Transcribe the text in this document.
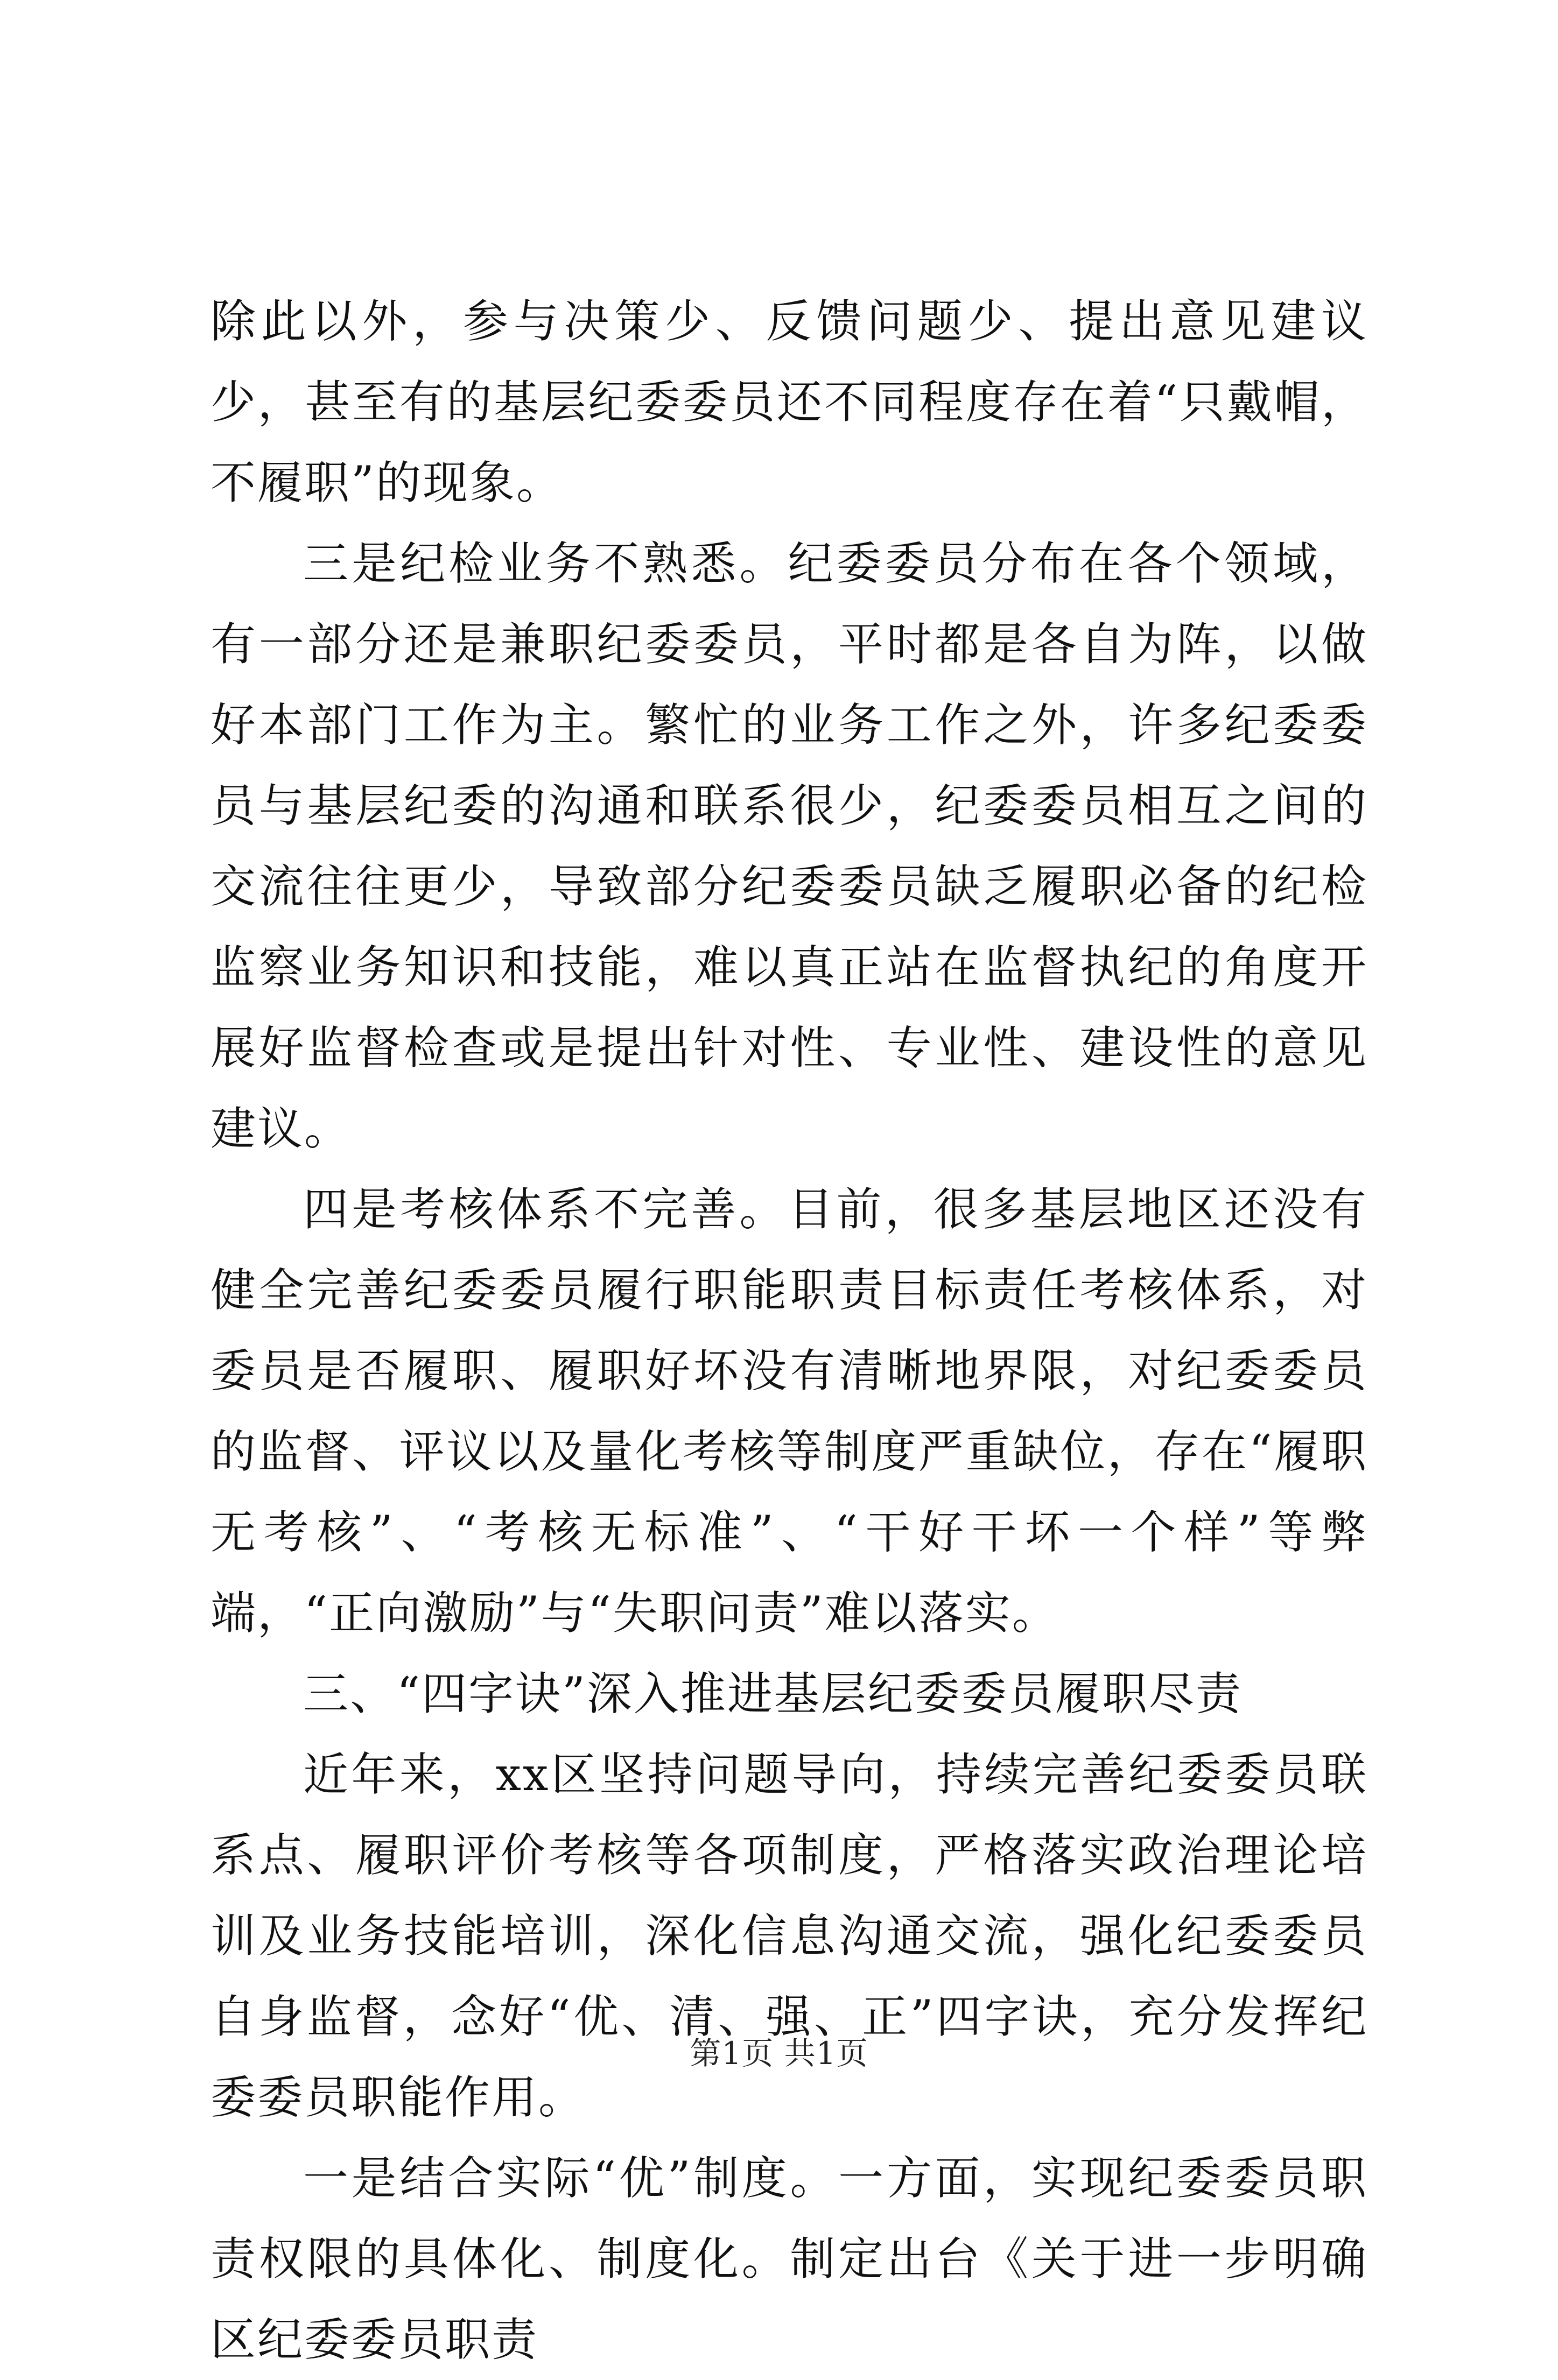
除此以外，参与决策少、反馈问题少、提出意见建议少，甚至有的基层纪委委员还不同程度存在着“只戴帽，不履职”的现象。

三是纪检业务不熟悉。纪委委员分布在各个领域，有一部分还是兼职纪委委员，平时都是各自为阵，以做好本部门工作为主。繁忙的业务工作之外，许多纪委委员与基层纪委的沟通和联系很少，纪委委员相互之间的交流往往更少，导致部分纪委委员缺乏履职必备的纪检监察业务知识和技能，难以真正站在监督执纪的角度开展好监督检查或是提出针对性、专业性、建设性的意见建议。

四是考核体系不完善。目前，很多基层地区还没有健全完善纪委委员履行职能职责目标责任考核体系，对委员是否履职、履职好坏没有清晰地界限，对纪委委员的监督、评议以及量化考核等制度严重缺位，存在“履职无考核”、“考核无标准”、“干好干坏一个样”等弊端，“正向激励”与“失职问责”难以落实。

三、“四字诀”深入推进基层纪委委员履职尽责

近年来，xx区坚持问题导向，持续完善纪委委员联系点、履职评价考核等各项制度，严格落实政治理论培训及业务技能培训，深化信息沟通交流，强化纪委委员自身监督，念好“优、清、强、正”四字诀，充分发挥纪委委员职能作用。

一是结合实际“优”制度。一方面，实现纪委委员职责权限的具体化、制度化。制定出台《关于进一步明确区纪委委员职责

第1页 共1页
